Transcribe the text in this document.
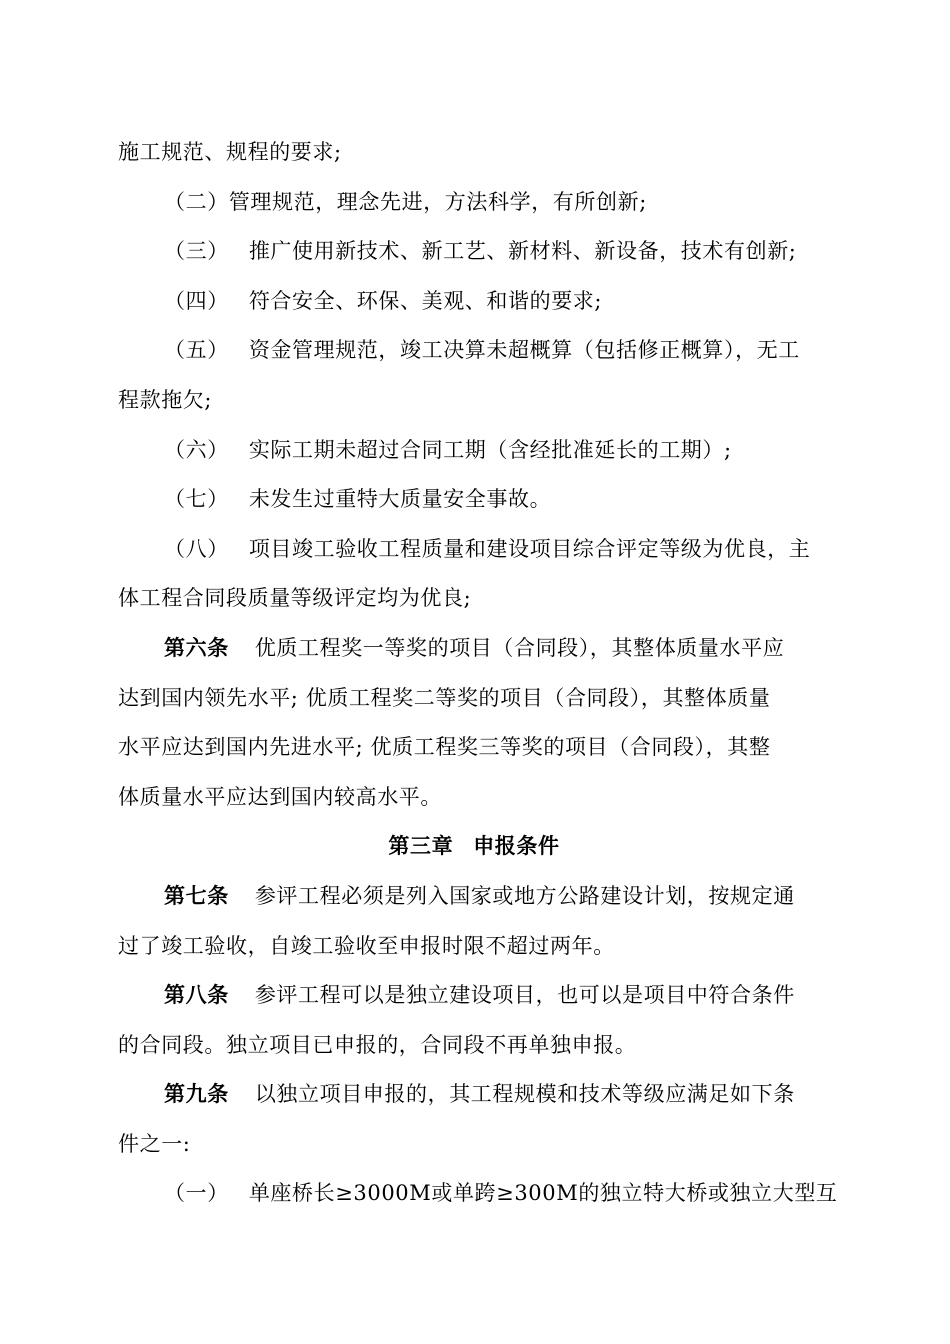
施工规范、规程的要求;
（二）管理规范，理念先进，方法科学，有所创新;
（三） 推广使用新技术、新工艺、新材料、新设备，技术有创新;
（四） 符合安全、环保、美观、和谐的要求;
（五） 资金管理规范，竣工决算未超概算（包括修正概算），无工
程款拖欠;
（六） 实际工期未超过合同工期（含经批准延长的工期）;
（七） 未发生过重特大质量安全事故。
（八） 项目竣工验收工程质量和建设项目综合评定等级为优良，主
体工程合同段质量等级评定均为优良;
第六条 优质工程奖一等奖的项目（合同段），其整体质量水平应
达到国内领先水平; 优质工程奖二等奖的项目（合同段），其整体质量
水平应达到国内先进水平; 优质工程奖三等奖的项目（合同段），其整
体质量水平应达到国内较高水平。
第三章 申报条件
第七条 参评工程必须是列入国家或地方公路建设计划，按规定通
过了竣工验收，自竣工验收至申报时限不超过两年。
第八条 参评工程可以是独立建设项目，也可以是项目中符合条件
的合同段。独立项目已申报的，合同段不再单独申报。
第九条 以独立项目申报的，其工程规模和技术等级应满足如下条
件之一:
（一） 单座桥长≥3000M或单跨≥300M的独立特大桥或独立大型互
